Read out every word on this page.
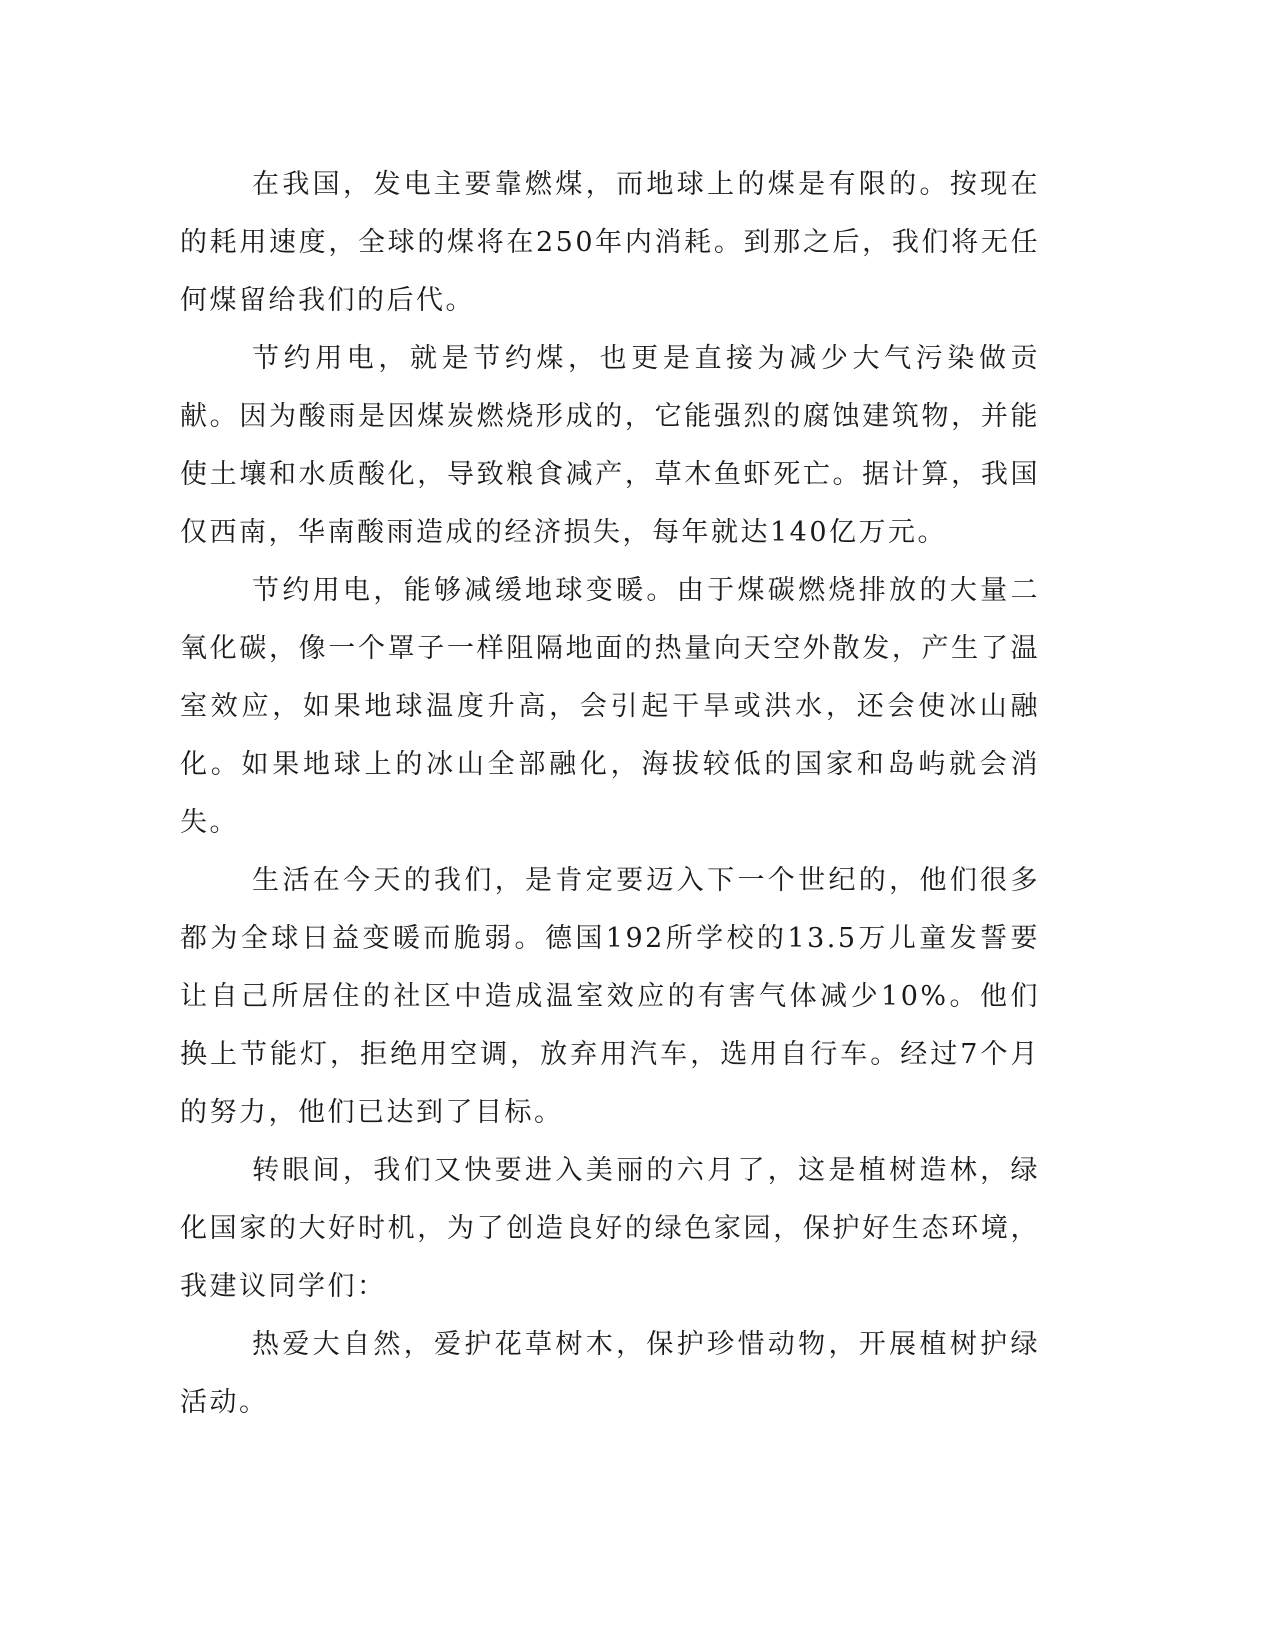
在我国，发电主要靠燃煤，而地球上的煤是有限的。按现在的耗用速度，全球的煤将在250年内消耗。到那之后，我们将无任何煤留给我们的后代。

节约用电，就是节约煤，也更是直接为减少大气污染做贡献。因为酸雨是因煤炭燃烧形成的，它能强烈的腐蚀建筑物，并能使土壤和水质酸化，导致粮食减产，草木鱼虾死亡。据计算，我国仅西南，华南酸雨造成的经济损失，每年就达140亿万元。

节约用电，能够减缓地球变暖。由于煤碳燃烧排放的大量二氧化碳，像一个罩子一样阻隔地面的热量向天空外散发，产生了温室效应，如果地球温度升高，会引起干旱或洪水，还会使冰山融化。如果地球上的冰山全部融化，海拔较低的国家和岛屿就会消失。

生活在今天的我们，是肯定要迈入下一个世纪的，他们很多都为全球日益变暖而脆弱。德国192所学校的13.5万儿童发誓要让自己所居住的社区中造成温室效应的有害气体减少10%。他们换上节能灯，拒绝用空调，放弃用汽车，选用自行车。经过7个月的努力，他们已达到了目标。

转眼间，我们又快要进入美丽的六月了，这是植树造林，绿化国家的大好时机，为了创造良好的绿色家园，保护好生态环境，我建议同学们：

热爱大自然，爱护花草树木，保护珍惜动物，开展植树护绿活动。
